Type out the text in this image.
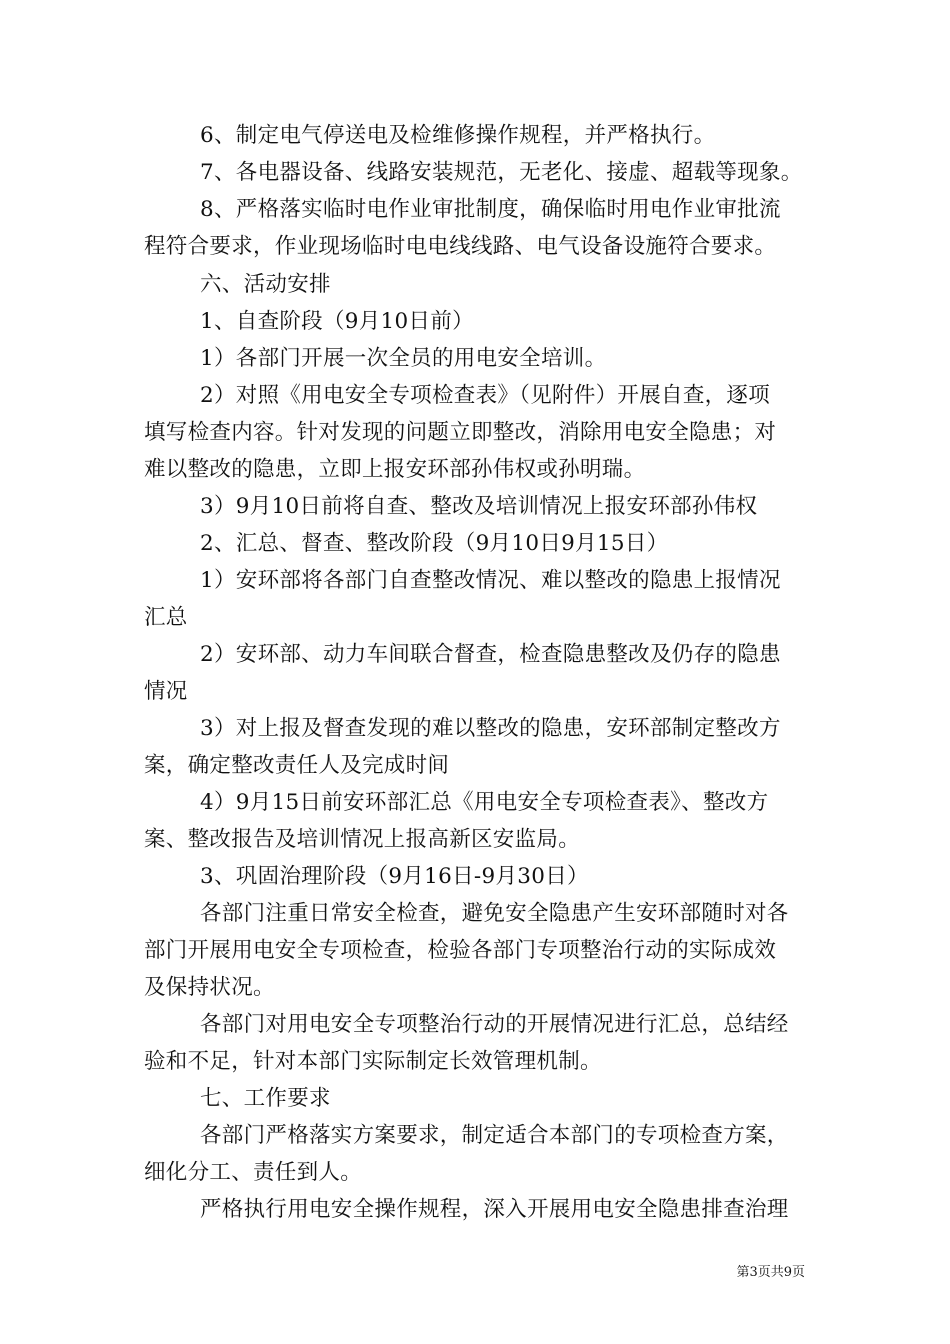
6、制定电气停送电及检维修操作规程，并严格执行。
7、各电器设备、线路安装规范，无老化、接虚、超载等现象。
8、严格落实临时电作业审批制度，确保临时用电作业审批流
程符合要求，作业现场临时电电线线路、电气设备设施符合要求。
六、活动安排
1、自查阶段（9月10日前）
1）各部门开展一次全员的用电安全培训。
2）对照《用电安全专项检查表》（见附件）开展自查，逐项
填写检查内容。针对发现的问题立即整改，消除用电安全隐患；对
难以整改的隐患，立即上报安环部孙伟权或孙明瑞。
3）9月10日前将自查、整改及培训情况上报安环部孙伟权
2、汇总、督查、整改阶段（9月10日9月15日）
1）安环部将各部门自查整改情况、难以整改的隐患上报情况
汇总
2）安环部、动力车间联合督查，检查隐患整改及仍存的隐患
情况
3）对上报及督查发现的难以整改的隐患，安环部制定整改方
案，确定整改责任人及完成时间
4）9月15日前安环部汇总《用电安全专项检查表》、整改方
案、整改报告及培训情况上报高新区安监局。
3、巩固治理阶段（9月16日-9月30日）
各部门注重日常安全检查，避免安全隐患产生安环部随时对各
部门开展用电安全专项检查，检验各部门专项整治行动的实际成效
及保持状况。
各部门对用电安全专项整治行动的开展情况进行汇总，总结经
验和不足，针对本部门实际制定长效管理机制。
七、工作要求
各部门严格落实方案要求，制定适合本部门的专项检查方案，
细化分工、责任到人。
严格执行用电安全操作规程，深入开展用电安全隐患排查治理
第3页共9页
